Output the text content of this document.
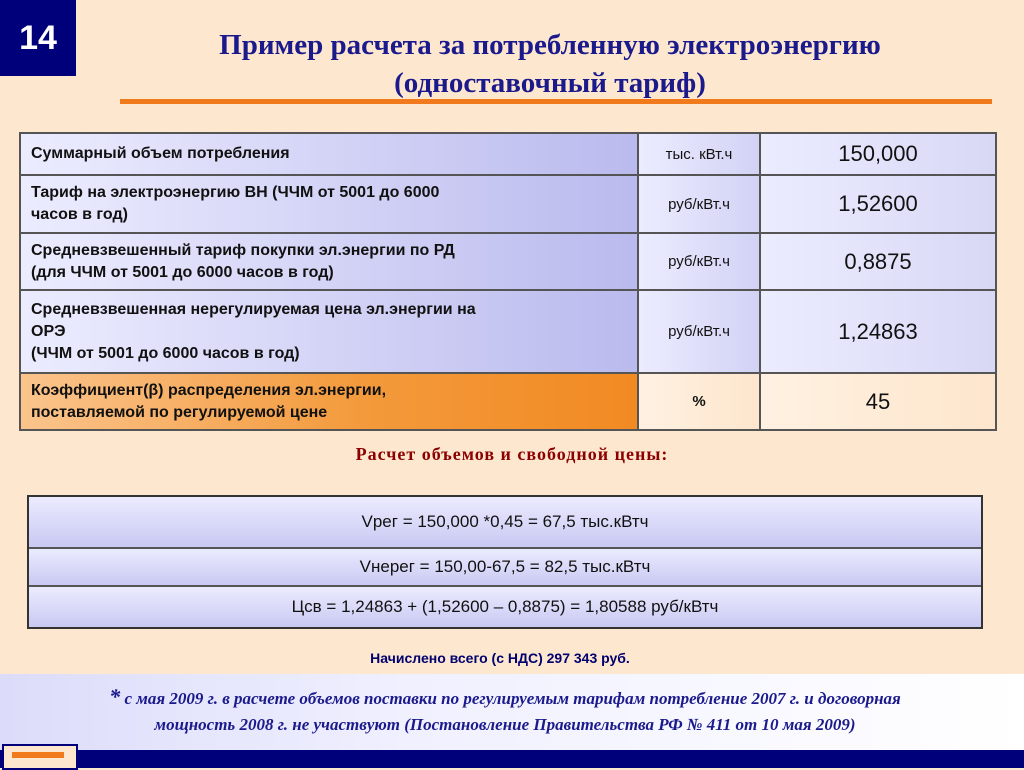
14	Пример расчета за потребленную электроэнергию
(одноставочный тариф)
Суммарный объем потребления	тыс. кВт.ч	150,000

Тариф на электроэнергию ВН (ЧЧМ от 5001 до 6000
часов в год)	руб/кВт.ч	1,52600

Средневзвешенный тариф покупки эл.энергии по РД
(для ЧЧМ от 5001 до 6000 часов в год)	руб/кВт.ч	0,8875

Средневзвешенная нерегулируемая цена эл.энергии на
ОРЭ
(ЧЧМ от 5001 до 6000 часов в год)	руб/кВт.ч	1,24863

Коэффициент(β) распределения эл.энергии,
поставляемой по регулируемой цене	%	45
Расчет объемов и свободной цены:
Vрег = 150,000 *0,45 = 67,5 тыс.кВтч
Vнерег = 150,00-67,5 = 82,5 тыс.кВтч
Цсв = 1,24863 + (1,52600 – 0,8875) = 1,80588 руб/кВтч
Начислено всего (с НДС) 297 343 руб.
* с мая 2009 г. в расчете объемов поставки по регулируемым тарифам потребление 2007 г. и договорная
мощность 2008 г. не участвуют (Постановление Правительства РФ № 411 от 10 мая 2009)
